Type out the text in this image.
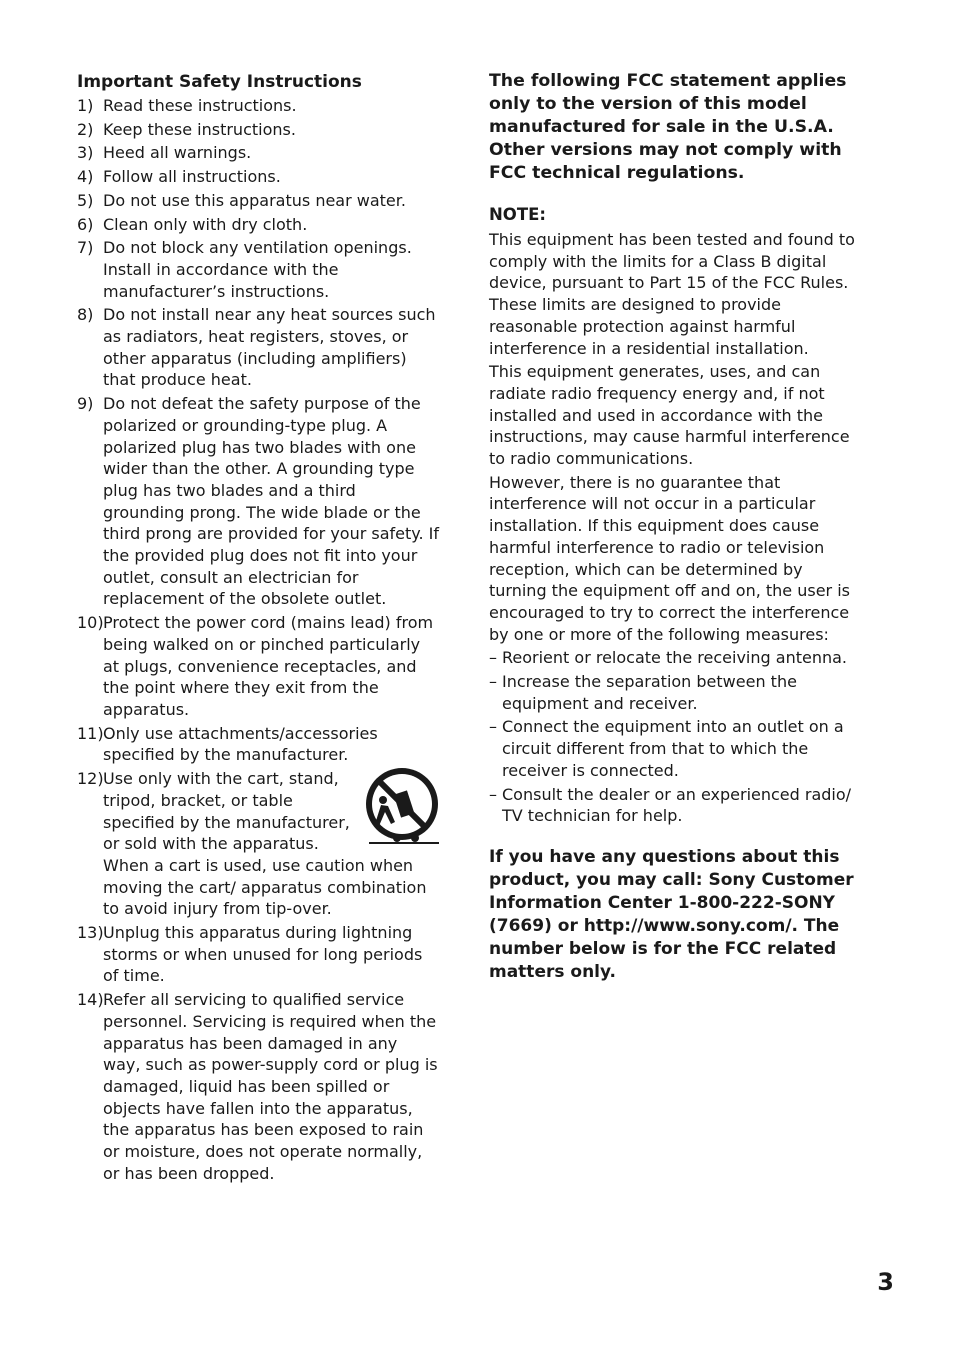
Important Safety Instructions
1) Read these instructions.
2) Keep these instructions.
3) Heed all warnings.
4) Follow all instructions.
5) Do not use this apparatus near water.
6) Clean only with dry cloth.
7) Do not block any ventilation openings. Install in accordance with the manufacturer’s instructions.
8) Do not install near any heat sources such as radiators, heat registers, stoves, or other apparatus (including amplifiers) that produce heat.
9) Do not defeat the safety purpose of the polarized or grounding-type plug. A polarized plug has two blades with one wider than the other. A grounding type plug has two blades and a third grounding prong. The wide blade or the third prong are provided for your safety. If the provided plug does not fit into your outlet, consult an electrician for replacement of the obsolete outlet.
10) Protect the power cord (mains lead) from being walked on or pinched particularly at plugs, convenience receptacles, and the point where they exit from the apparatus.
11) Only use attachments/accessories specified by the manufacturer.
12) Use only with the cart, stand, tripod, bracket, or table specified by the manufacturer, or sold with the apparatus. When a cart is used, use caution when moving the cart/ apparatus combination to avoid injury from tip-over.
13) Unplug this apparatus during lightning storms or when unused for long periods of time.
14) Refer all servicing to qualified service personnel. Servicing is required when the apparatus has been damaged in any way, such as power-supply cord or plug is damaged, liquid has been spilled or objects have fallen into the apparatus, the apparatus has been exposed to rain or moisture, does not operate normally, or has been dropped.

The following FCC statement applies only to the version of this model manufactured for sale in the U.S.A. Other versions may not comply with FCC technical regulations.

NOTE:

This equipment has been tested and found to comply with the limits for a Class B digital device, pursuant to Part 15 of the FCC Rules. These limits are designed to provide reasonable protection against harmful interference in a residential installation.

This equipment generates, uses, and can radiate radio frequency energy and, if not installed and used in accordance with the instructions, may cause harmful interference to radio communications.

However, there is no guarantee that interference will not occur in a particular installation. If this equipment does cause harmful interference to radio or television reception, which can be determined by turning the equipment off and on, the user is encouraged to try to correct the interference by one or more of the following measures:

– Reorient or relocate the receiving antenna.
– Increase the separation between the equipment and receiver.
– Connect the equipment into an outlet on a circuit different from that to which the receiver is connected.
– Consult the dealer or an experienced radio/ TV technician for help.

If you have any questions about this product, you may call: Sony Customer Information Center 1-800-222-SONY (7669) or http://www.sony.com/. The number below is for the FCC related matters only.

3
